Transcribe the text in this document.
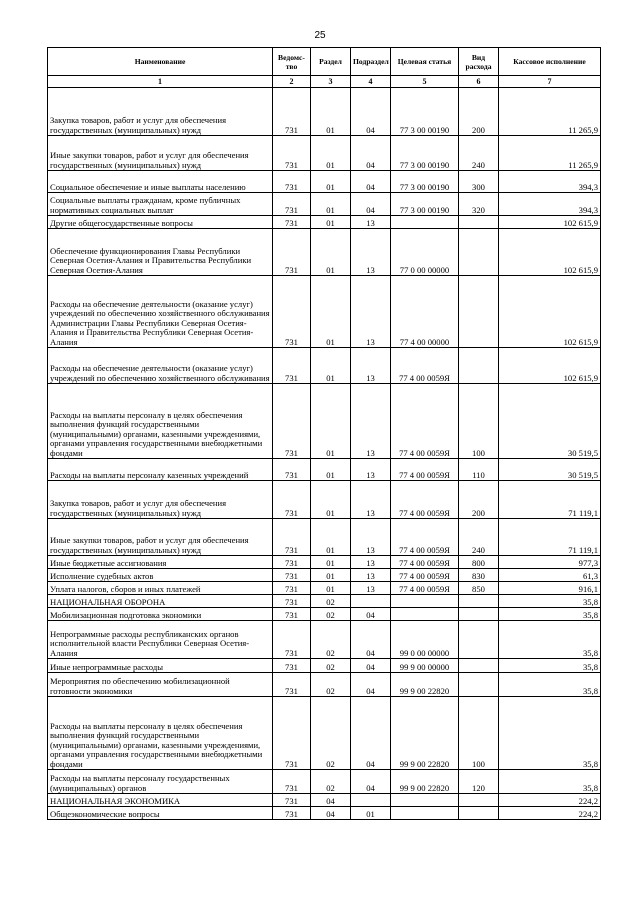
25
Наименование	Ведомс-тво	Раздел	Подраздел	Целевая статья	Вид расхода	Кассовое исполнение
1	2	3	4	5	6	7
Закупка товаров, работ и услуг для обеспечения государственных (муниципальных) нужд	731	01	04	77 3 00 00190	200	11 265,9
Иные закупки товаров, работ и услуг для обеспечения государственных (муниципальных) нужд	731	01	04	77 3 00 00190	240	11 265,9
Социальное обеспечение и иные выплаты населению	731	01	04	77 3 00 00190	300	394,3
Социальные выплаты гражданам, кроме публичных нормативных социальных выплат	731	01	04	77 3 00 00190	320	394,3
Другие общегосударственные вопросы	731	01	13			102 615,9
Обеспечение функционирования Главы Республики Северная Осетия-Алания и Правительства Республики Северная Осетия-Алания	731	01	13	77 0 00 00000		102 615,9
Расходы на обеспечение деятельности (оказание услуг) учреждений по обеспечению хозяйственного обслуживания Администрации Главы Республики Северная Осетия-Алания и Правительства Республики Северная Осетия-Алания	731	01	13	77 4 00 00000		102 615,9
Расходы на обеспечение деятельности (оказание услуг) учреждений по обеспечению хозяйственного обслуживания	731	01	13	77 4 00 0059Я		102 615,9
Расходы на выплаты персоналу в целях обеспечения выполнения функций государственными (муниципальными) органами, казенными учреждениями, органами управления государственными внебюджетными фондами	731	01	13	77 4 00 0059Я	100	30 519,5
Расходы на выплаты персоналу казенных учреждений	731	01	13	77 4 00 0059Я	110	30 519,5
Закупка товаров, работ и услуг для обеспечения государственных (муниципальных) нужд	731	01	13	77 4 00 0059Я	200	71 119,1
Иные закупки товаров, работ и услуг для обеспечения государственных (муниципальных) нужд	731	01	13	77 4 00 0059Я	240	71 119,1
Иные бюджетные ассигнования	731	01	13	77 4 00 0059Я	800	977,3
Исполнение судебных актов	731	01	13	77 4 00 0059Я	830	61,3
Уплата налогов, сборов и иных платежей	731	01	13	77 4 00 0059Я	850	916,1
НАЦИОНАЛЬНАЯ ОБОРОНА	731	02				35,8
Мобилизационная подготовка экономики	731	02	04			35,8
Непрограммные расходы республиканских органов исполнительной власти Республики Северная Осетия-Алания	731	02	04	99 0 00 00000		35,8
Иные непрограммные расходы	731	02	04	99 9 00 00000		35,8
Мероприятия по обеспечению мобилизационной готовности экономики	731	02	04	99 9 00 22820		35,8
Расходы на выплаты персоналу в целях обеспечения выполнения функций государственными (муниципальными) органами, казенными учреждениями, органами управления государственными внебюджетными фондами	731	02	04	99 9 00 22820	100	35,8
Расходы на выплаты персоналу государственных (муниципальных) органов	731	02	04	99 9 00 22820	120	35,8
НАЦИОНАЛЬНАЯ ЭКОНОМИКА	731	04				224,2
Общеэкономические вопросы	731	04	01			224,2
